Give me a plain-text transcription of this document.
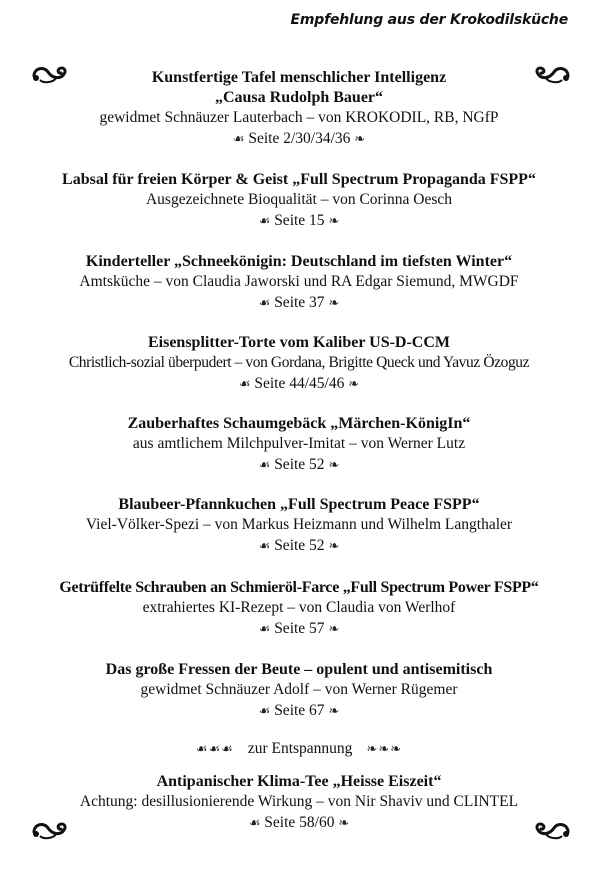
Empfehlung aus der Krokodilsküche
Kunstfertige Tafel menschlicher Intelligenz
„Causa Rudolph Bauer“
gewidmet Schnäuzer Lauterbach – von KROKODIL, RB, NGfP
☙ Seite 2/30/34/36 ❧
Labsal für freien Körper & Geist „Full Spectrum Propaganda FSPP“
Ausgezeichnete Bioqualität – von Corinna Oesch
☙ Seite 15 ❧
Kinderteller „Schneekönigin: Deutschland im tiefsten Winter“
Amtsküche – von Claudia Jaworski und RA Edgar Siemund, MWGDF
☙ Seite 37 ❧
Eisensplitter-Torte vom Kaliber US-D-CCM
Christlich-sozial überpudert – von Gordana, Brigitte Queck und Yavuz Özoguz
☙ Seite 44/45/46 ❧
Zauberhaftes Schaumgebäck „Märchen-KönigIn“
aus amtlichem Milchpulver-Imitat – von Werner Lutz
☙ Seite 52 ❧
Blaubeer-Pfannkuchen „Full Spectrum Peace FSPP“
Viel-Völker-Spezi – von Markus Heizmann und Wilhelm Langthaler
☙ Seite 52 ❧
Getrüffelte Schrauben an Schmieröl-Farce „Full Spectrum Power FSPP“
extrahiertes KI-Rezept – von Claudia von Werlhof
☙ Seite 57 ❧
Das große Fressen der Beute – opulent und antisemitisch
gewidmet Schnäuzer Adolf – von Werner Rügemer
☙ Seite 67 ❧
☙☙☙ zur Entspannung ❧❧❧
Antipanischer Klima-Tee „Heisse Eiszeit“
Achtung: desillusionierende Wirkung – von Nir Shaviv und CLINTEL
☙ Seite 58/60 ❧
